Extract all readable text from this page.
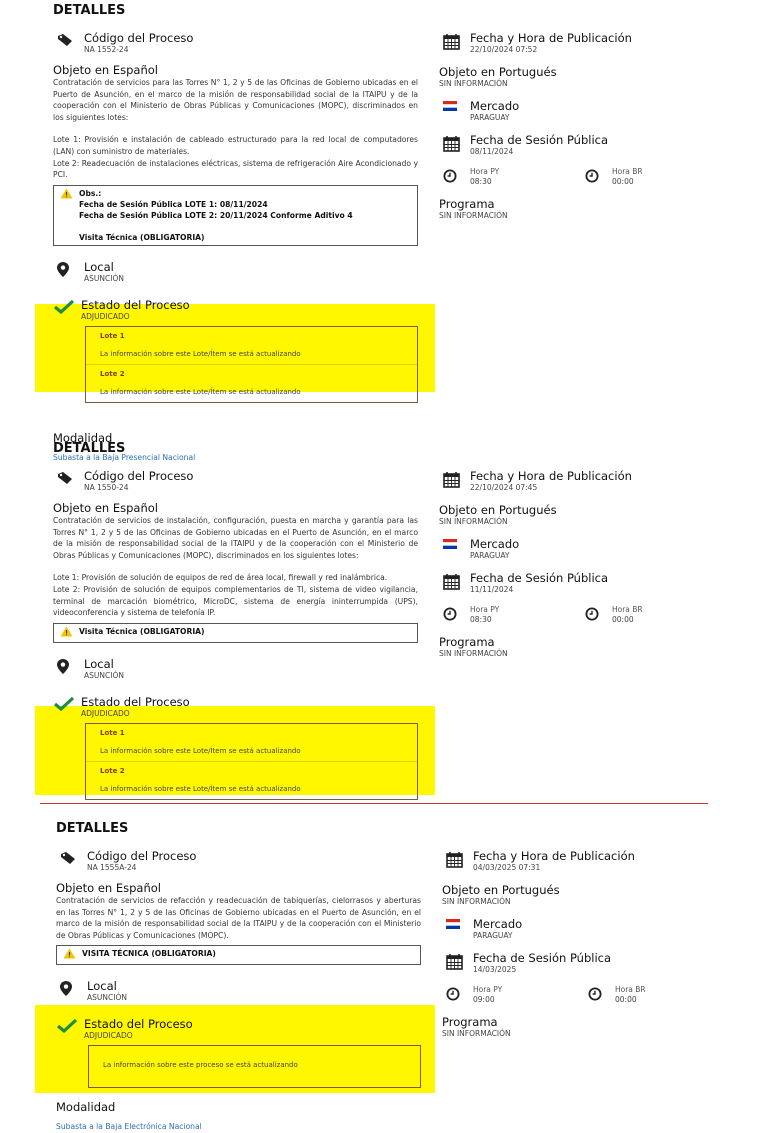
DETALLES
Código del Proceso
NA 1552-24
Objeto en Español

Contratación de servicios para las Torres N° 1, 2 y 5 de las Oficinas de Gobierno ubicadas en el Puerto de Asunción, en el marco de la misión de responsabilidad social de la ITAIPU y de la cooperación con el Ministerio de Obras Públicas y Comunicaciones (MOPC), discriminados en los siguientes lotes:

Lote 1: Provisión e instalación de cableado estructurado para la red local de computadores (LAN) con suministro de materiales.

Lote 2: Readecuación de instalaciones eléctricas, sistema de refrigeración Aire Acondicionado y PCI.

Obs.:
Fecha de Sesión Pública LOTE 1: 08/11/2024
Fecha de Sesión Pública LOTE 2: 20/11/2024 Conforme Aditivo 4
Visita Técnica (OBLIGATORIA)
Local
ASUNCIÓN
Estado del Proceso
ADJUDICADO
Lote 1
La información sobre este Lote/Ítem se está actualizando
Lote 2
La información sobre este Lote/Ítem se está actualizando
Modalidad
Subasta a la Baja Presencial Nacional
Fecha y Hora de Publicación
22/10/2024 07:52
Objeto en Portugués
SIN INFORMACIÓN
Mercado
PARAGUAY
Fecha de Sesión Pública
08/11/2024
Hora PY
08:30
Hora BR
00:00
Programa
SIN INFORMACIÓN
DETALLES
Código del Proceso
NA 1550-24
Objeto en Español

Contratación de servicios de instalación, configuración, puesta en marcha y garantía para las Torres N° 1, 2 y 5 de las Oficinas de Gobierno ubicadas en el Puerto de Asunción, en el marco de la misión de responsabilidad social de la ITAIPU y de la cooperación con el Ministerio de Obras Públicas y Comunicaciones (MOPC), discriminados en los siguientes lotes:

Lote 1: Provisión de solución de equipos de red de área local, firewall y red inalámbrica.

Lote 2: Provisión de solución de equipos complementarios de TI, sistema de video vigilancia, terminal de marcación biométrico, MicroDC, sistema de energía ininterrumpida (UPS), videoconferencia y sistema de telefonía IP.

Visita Técnica (OBLIGATORIA)
Local
ASUNCIÓN
Estado del Proceso
ADJUDICADO
Lote 1
La información sobre este Lote/Ítem se está actualizando
Lote 2
La información sobre este Lote/Ítem se está actualizando
Fecha y Hora de Publicación
22/10/2024 07:45
Objeto en Portugués
SIN INFORMACIÓN
Mercado
PARAGUAY
Fecha de Sesión Pública
11/11/2024
Hora PY
08:30
Hora BR
00:00
Programa
SIN INFORMACIÓN
DETALLES
Código del Proceso
NA 1555A-24
Objeto en Español

Contratación de servicios de refacción y readecuación de tabiquerías, cielorrasos y aberturas en las Torres N° 1, 2 y 5 de las Oficinas de Gobierno ubicadas en el Puerto de Asunción, en el marco de la misión de responsabilidad social de la ITAIPU y de la cooperación con el Ministerio de Obras Públicas y Comunicaciones (MOPC).

VISITA TÉCNICA (OBLIGATORIA)
Local
ASUNCIÓN
Estado del Proceso
ADJUDICADO
La información sobre este proceso se está actualizando
Modalidad
Subasta a la Baja Electrónica Nacional
Fecha y Hora de Publicación
04/03/2025 07:31
Objeto en Portugués
SIN INFORMACIÓN
Mercado
PARAGUAY
Fecha de Sesión Pública
14/03/2025
Hora PY
09:00
Hora BR
00:00
Programa
SIN INFORMACIÓN
